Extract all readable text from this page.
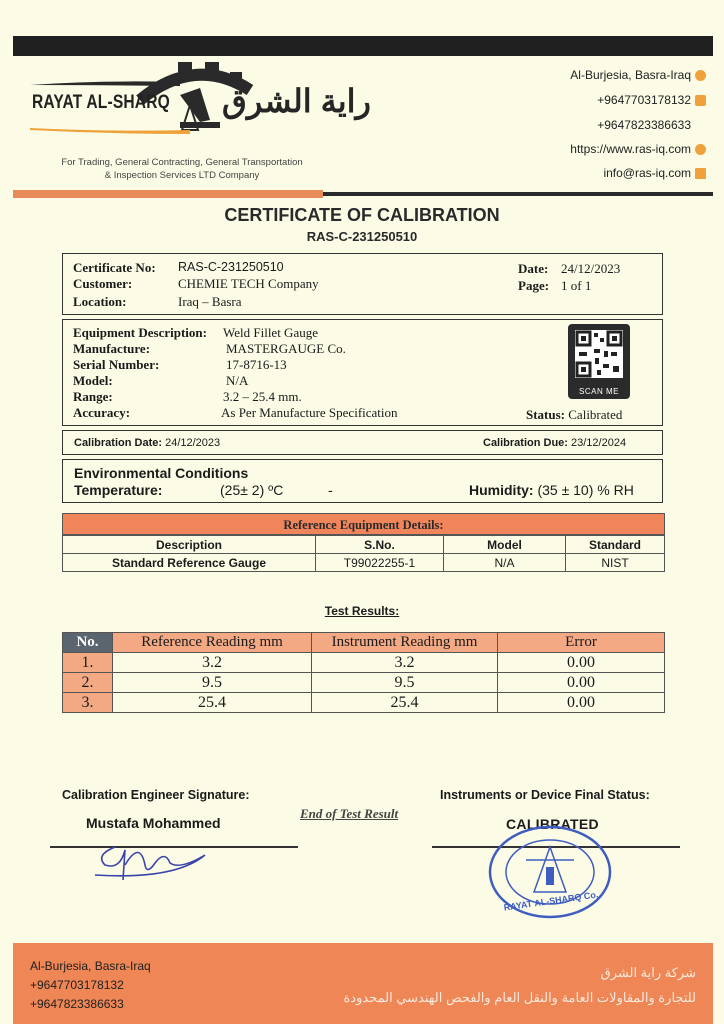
RAYAT AL-SHARQ راية الشرق
For Trading, General Contracting, General Transportation
& Inspection Services LTD Company
Al-Burjesia, Basra-Iraq
+9647703178132
+9647823386633
https://www.ras-iq.com
info@ras-iq.com
CERTIFICATE OF CALIBRATION
RAS-C-231250510
Certificate No: RAS-C-231250510
Customer:	CHEMIE TECH Company
Location:	Iraq – Basra
Date: 24/12/2023
Page: 1 of 1
Equipment Description: Weld Fillet Gauge
Manufacture:	MASTERGAUGE Co.
Serial Number:	17-8716-13
Model:	N/A
Range:	3.2 – 25.4 mm.
Accuracy:	As Per Manufacture Specification	Status: Calibrated
SCAN ME
Calibration Date: 24/12/2023	Calibration Due: 23/12/2024
Environmental Conditions
Temperature:	(25± 2) ºC	-	Humidity: (35 ± 10) % RH
Reference Equipment Details:
Description	S.No.	Model	Standard
Standard Reference Gauge	T99022255-1	N/A	NIST
Test Results:
No.	Reference Reading mm	Instrument Reading mm	Error
1.	3.2	3.2	0.00
2.	9.5	9.5	0.00
3.	25.4	25.4	0.00
Calibration Engineer Signature:
Mustafa Mohammed
End of Test Result
Instruments or Device Final Status:
CALIBRATED
RAYAT AL-SHARQ Co.
Al-Burjesia, Basra-Iraq
+9647703178132
+9647823386633
شركة راية الشرق
للتجارة والمقاولات العامة والنقل العام والفحص الهندسي المحدودة
